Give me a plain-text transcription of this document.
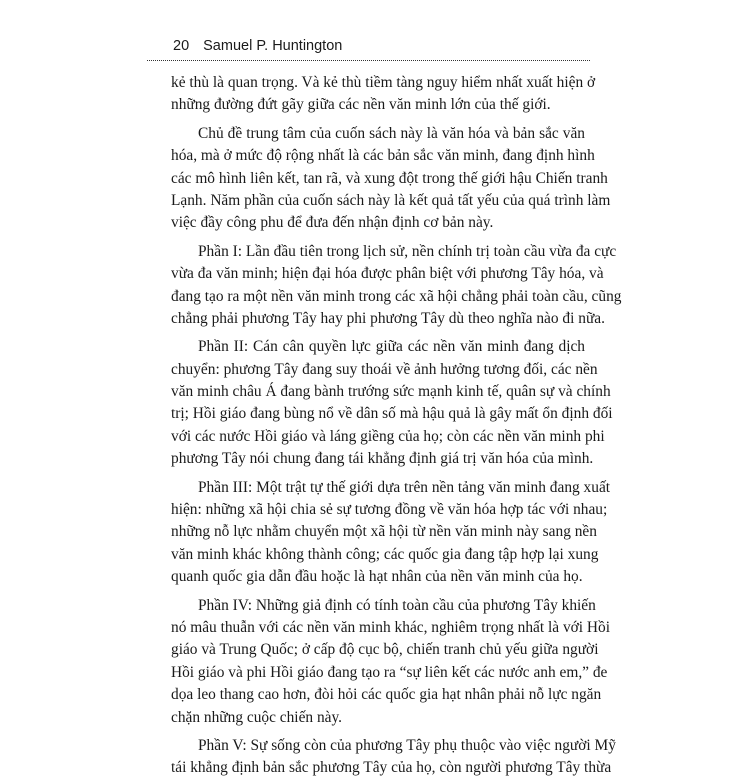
20 Samuel P. Huntington
kẻ thù là quan trọng. Và kẻ thù tiềm tàng nguy hiểm nhất xuất hiện ở
những đường đứt gãy giữa các nền văn minh lớn của thế giới.
Chủ đề trung tâm của cuốn sách này là văn hóa và bản sắc văn
hóa, mà ở mức độ rộng nhất là các bản sắc văn minh, đang định hình
các mô hình liên kết, tan rã, và xung đột trong thế giới hậu Chiến tranh
Lạnh. Năm phần của cuốn sách này là kết quả tất yếu của quá trình làm
việc đầy công phu để đưa đến nhận định cơ bản này.
Phần I: Lần đầu tiên trong lịch sử, nền chính trị toàn cầu vừa đa cực
vừa đa văn minh; hiện đại hóa được phân biệt với phương Tây hóa, và
đang tạo ra một nền văn minh trong các xã hội chẳng phải toàn cầu, cũng
chẳng phải phương Tây hay phi phương Tây dù theo nghĩa nào đi nữa.
Phần II: Cán cân quyền lực giữa các nền văn minh đang dịch
chuyển: phương Tây đang suy thoái về ảnh hưởng tương đối, các nền
văn minh châu Á đang bành trướng sức mạnh kinh tế, quân sự và chính
trị; Hồi giáo đang bùng nổ về dân số mà hậu quả là gây mất ổn định đối
với các nước Hồi giáo và láng giềng của họ; còn các nền văn minh phi
phương Tây nói chung đang tái khẳng định giá trị văn hóa của mình.
Phần III: Một trật tự thế giới dựa trên nền tảng văn minh đang xuất
hiện: những xã hội chia sẻ sự tương đồng về văn hóa hợp tác với nhau;
những nỗ lực nhằm chuyển một xã hội từ nền văn minh này sang nền
văn minh khác không thành công; các quốc gia đang tập hợp lại xung
quanh quốc gia dẫn đầu hoặc là hạt nhân của nền văn minh của họ.
Phần IV: Những giả định có tính toàn cầu của phương Tây khiến
nó mâu thuẫn với các nền văn minh khác, nghiêm trọng nhất là với Hồi
giáo và Trung Quốc; ở cấp độ cục bộ, chiến tranh chủ yếu giữa người
Hồi giáo và phi Hồi giáo đang tạo ra “sự liên kết các nước anh em,” đe
dọa leo thang cao hơn, đòi hỏi các quốc gia hạt nhân phải nỗ lực ngăn
chặn những cuộc chiến này.
Phần V: Sự sống còn của phương Tây phụ thuộc vào việc người Mỹ
tái khẳng định bản sắc phương Tây của họ, còn người phương Tây thừa
